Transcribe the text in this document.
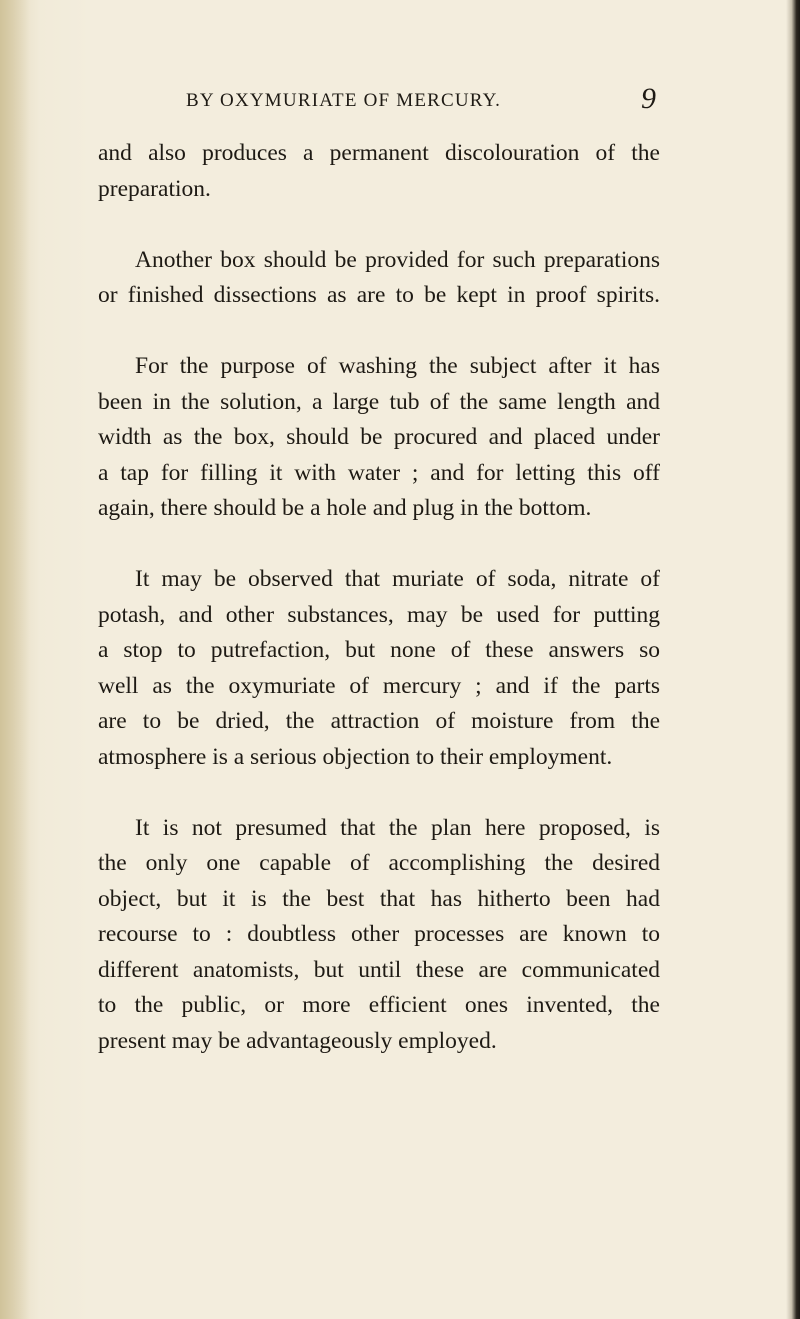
BY OXYMURIATE OF MERCURY.	9

and also produces a permanent discolouration of the
preparation.

Another box should be provided for such preparations
or finished dissections as are to be kept in proof spirits.

For the purpose of washing the subject after it has
been in the solution, a large tub of the same length and
width as the box, should be procured and placed under
a tap for filling it with water ; and for letting this off
again, there should be a hole and plug in the bottom.

It may be observed that muriate of soda, nitrate of
potash, and other substances, may be used for putting
a stop to putrefaction, but none of these answers so
well as the oxymuriate of mercury ; and if the parts
are to be dried, the attraction of moisture from the
atmosphere is a serious objection to their employment.

It is not presumed that the plan here proposed, is
the only one capable of accomplishing the desired
object, but it is the best that has hitherto been had
recourse to : doubtless other processes are known to
different anatomists, but until these are communicated
to the public, or more efficient ones invented, the
present may be advantageously employed.
